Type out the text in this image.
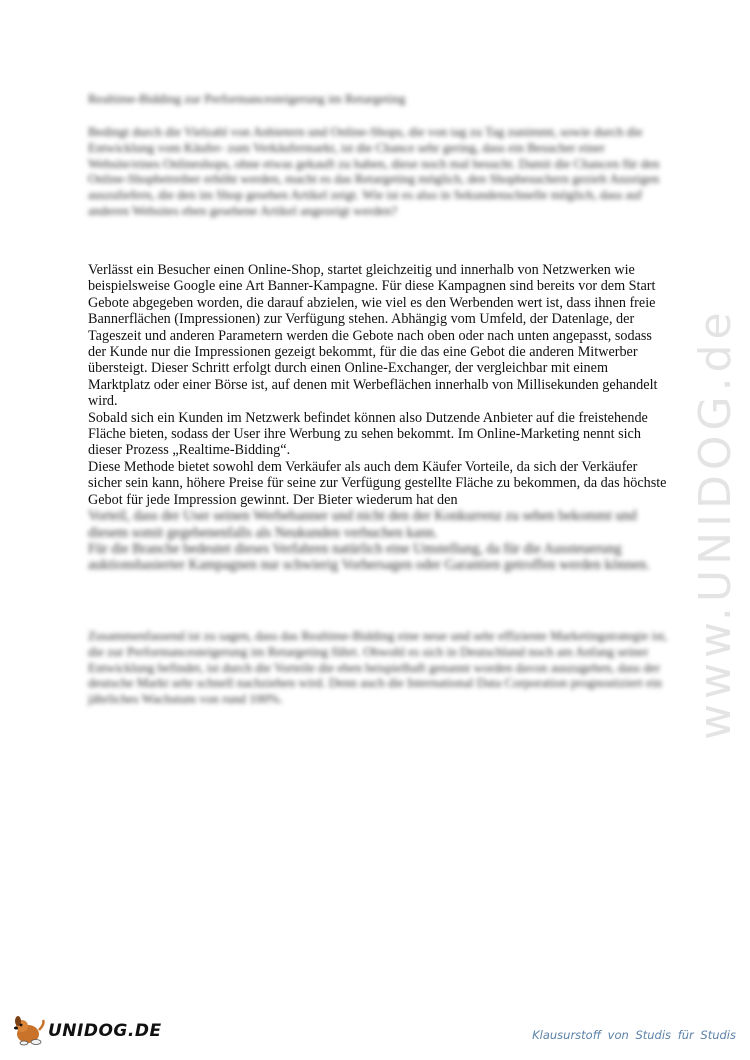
Realtime-Bidding zur Performancesteigerung im Retargeting
Bedingt durch die Vielzahl von Anbietern und Online-Shops, die von tag zu Tag zunimmt, sowie durch die Entwicklung vom Käufer- zum Verkäufermarkt, ist die Chance sehr gering, dass ein Besucher einer Website/eines Onlineshops, ohne etwas gekauft zu haben, diese noch mal besucht. Damit die Chancen für den Online-Shopbetreiber erhöht werden, macht es das Retargeting möglich, den Shopbesuchern gezielt Anzeigen auszuliefern, die den im Shop gesehen Artikel zeigt. Wie ist es also in Sekundenschnelle möglich, dass auf anderen Websites eben gesehene Artikel angezeigt werden?

Verlässt ein Besucher einen Online-Shop, startet gleichzeitig und innerhalb von Netzwerken wie beispielsweise Google eine Art Banner-Kampagne. Für diese Kampagnen sind bereits vor dem Start Gebote abgegeben worden, die darauf abzielen, wie viel es den Werbenden wert ist, dass ihnen freie Bannerflächen (Impressionen) zur Verfügung stehen. Abhängig vom Umfeld, der Datenlage, der Tageszeit und anderen Parametern werden die Gebote nach oben oder nach unten angepasst, sodass der Kunde nur die Impressionen gezeigt bekommt, für die das eine Gebot die anderen Mitwerber übersteigt. Dieser Schritt erfolgt durch einen Online-Exchanger, der vergleichbar mit einem Marktplatz oder einer Börse ist, auf denen mit Werbeflächen innerhalb von Millisekunden gehandelt wird.

Sobald sich ein Kunden im Netzwerk befindet können also Dutzende Anbieter auf die freistehende Fläche bieten, sodass der User ihre Werbung zu sehen bekommt. Im Online-Marketing nennt sich dieser Prozess „Realtime-Bidding“.

Diese Methode bietet sowohl dem Verkäufer als auch dem Käufer Vorteile, da sich der Verkäufer sicher sein kann, höhere Preise für seine zur Verfügung gestellte Fläche zu bekommen, da das höchste Gebot für jede Impression gewinnt. Der Bieter wiederum hat den

Vorteil, dass der User seinen Werbebanner und nicht den der Konkurrenz zu sehen bekommt und diesem somit gegebenenfalls als Neukunden verbuchen kann.

Für die Branche bedeutet dieses Verfahren natürlich eine Umstellung, da für die Aussteuerung auktionsbasierter Kampagnen nur schwierig Vorhersagen oder Garantien getroffen werden können.

Zusammenfassend ist zu sagen, dass das Realtime-Bidding eine neue und sehr effiziente Marketingstrategie ist, die zur Performancesteigerung im Retargeting führt. Obwohl es sich in Deutschland noch am Anfang seiner Entwicklung befindet, ist durch die Vorteile die eben beispielhaft genannt worden davon auszugehen, dass der deutsche Markt sehr schnell nachziehen wird. Denn auch die International Data Corporation prognostiziert ein jährliches Wachstum von rund 100%.	www.UNIDOG.de
UNIDOG.DE	Klausurstoff von Studis für Studis
